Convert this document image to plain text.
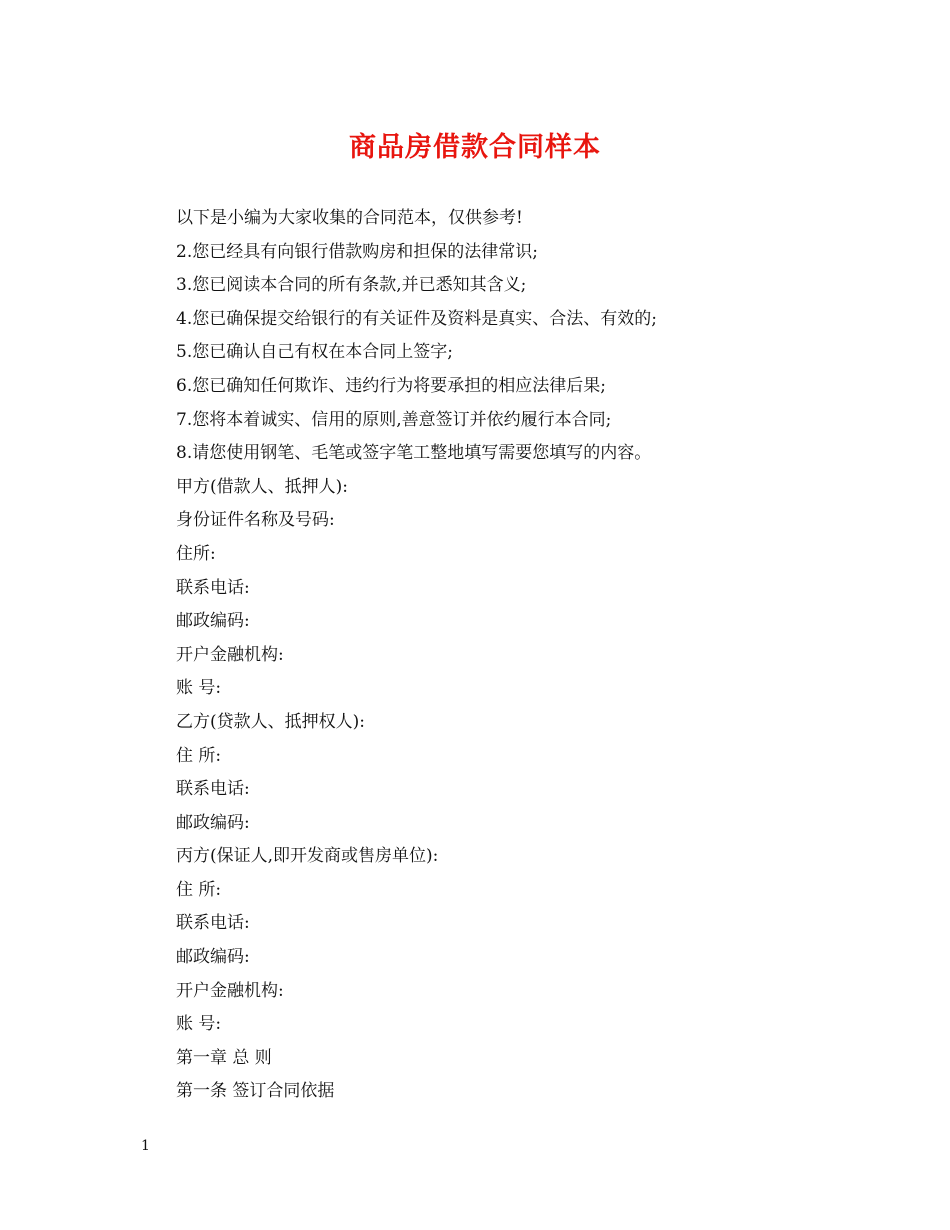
商品房借款合同样本
以下是小编为大家收集的合同范本，仅供参考!
2.您已经具有向银行借款购房和担保的法律常识;
3.您已阅读本合同的所有条款,并已悉知其含义;
4.您已确保提交给银行的有关证件及资料是真实、合法、有效的;
5.您已确认自己有权在本合同上签字;
6.您已确知任何欺诈、违约行为将要承担的相应法律后果;
7.您将本着诚实、信用的原则,善意签订并依约履行本合同;
8.请您使用钢笔、毛笔或签字笔工整地填写需要您填写的内容。
甲方(借款人、抵押人):
身份证件名称及号码:
住所:
联系电话:
邮政编码:
开户金融机构:
账 号:
乙方(贷款人、抵押权人):
住 所:
联系电话:
邮政编码:
丙方(保证人,即开发商或售房单位):
住 所:
联系电话:
邮政编码:
开户金融机构:
账 号:
第一章 总 则
第一条 签订合同依据
1
